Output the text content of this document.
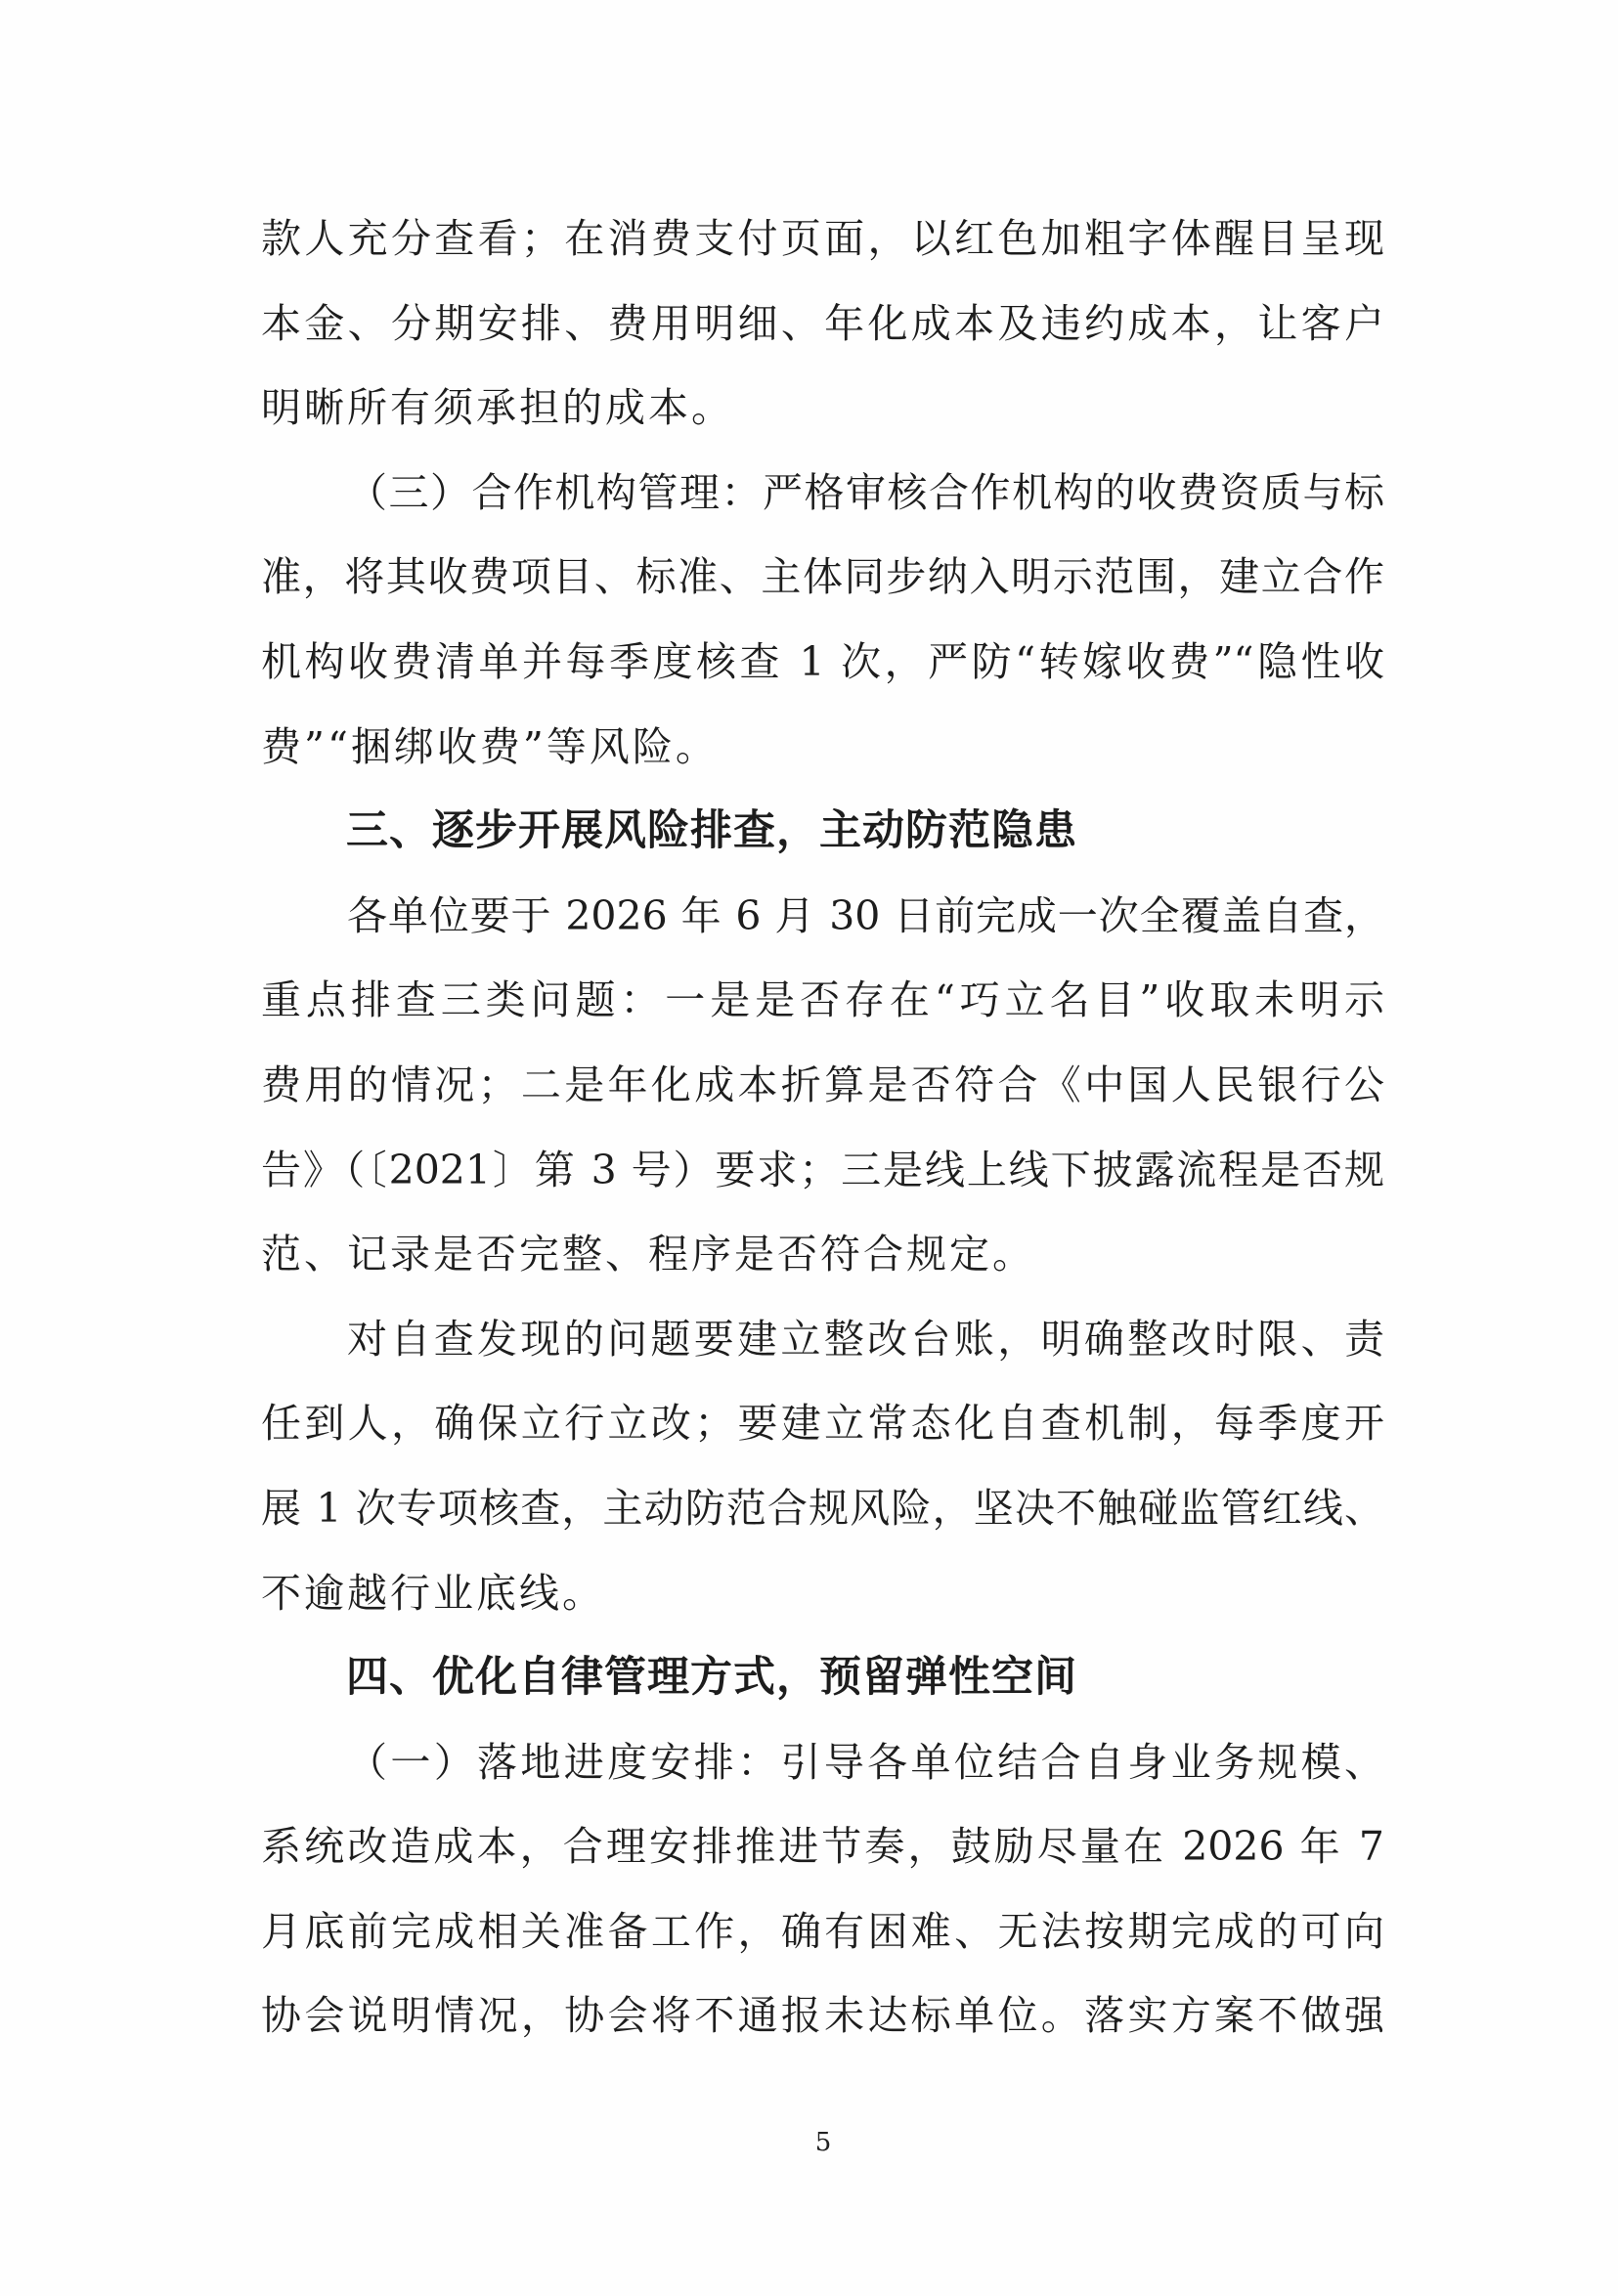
款人充分查看；在消费支付页面，以红色加粗字体醒目呈现
本金、分期安排、费用明细、年化成本及违约成本，让客户
明晰所有须承担的成本。
（三）合作机构管理：严格审核合作机构的收费资质与标
准，将其收费项目、标准、主体同步纳入明示范围，建立合作
机构收费清单并每季度核查 1 次，严防“转嫁收费”“隐性收
费”“捆绑收费”等风险。
三、逐步开展风险排查，主动防范隐患
各单位要于 2026 年 6 月 30 日前完成一次全覆盖自查，
重点排查三类问题：一是是否存在“巧立名目”收取未明示
费用的情况；二是年化成本折算是否符合《中国人民银行公
告》（〔2021〕第 3 号）要求；三是线上线下披露流程是否规
范、记录是否完整、程序是否符合规定。
对自查发现的问题要建立整改台账，明确整改时限、责
任到人，确保立行立改；要建立常态化自查机制，每季度开
展 1 次专项核查，主动防范合规风险，坚决不触碰监管红线、
不逾越行业底线。
四、优化自律管理方式，预留弹性空间
（一）落地进度安排：引导各单位结合自身业务规模、
系统改造成本，合理安排推进节奏，鼓励尽量在 2026 年 7
月底前完成相关准备工作，确有困难、无法按期完成的可向
协会说明情况，协会将不通报未达标单位。落实方案不做强
5
